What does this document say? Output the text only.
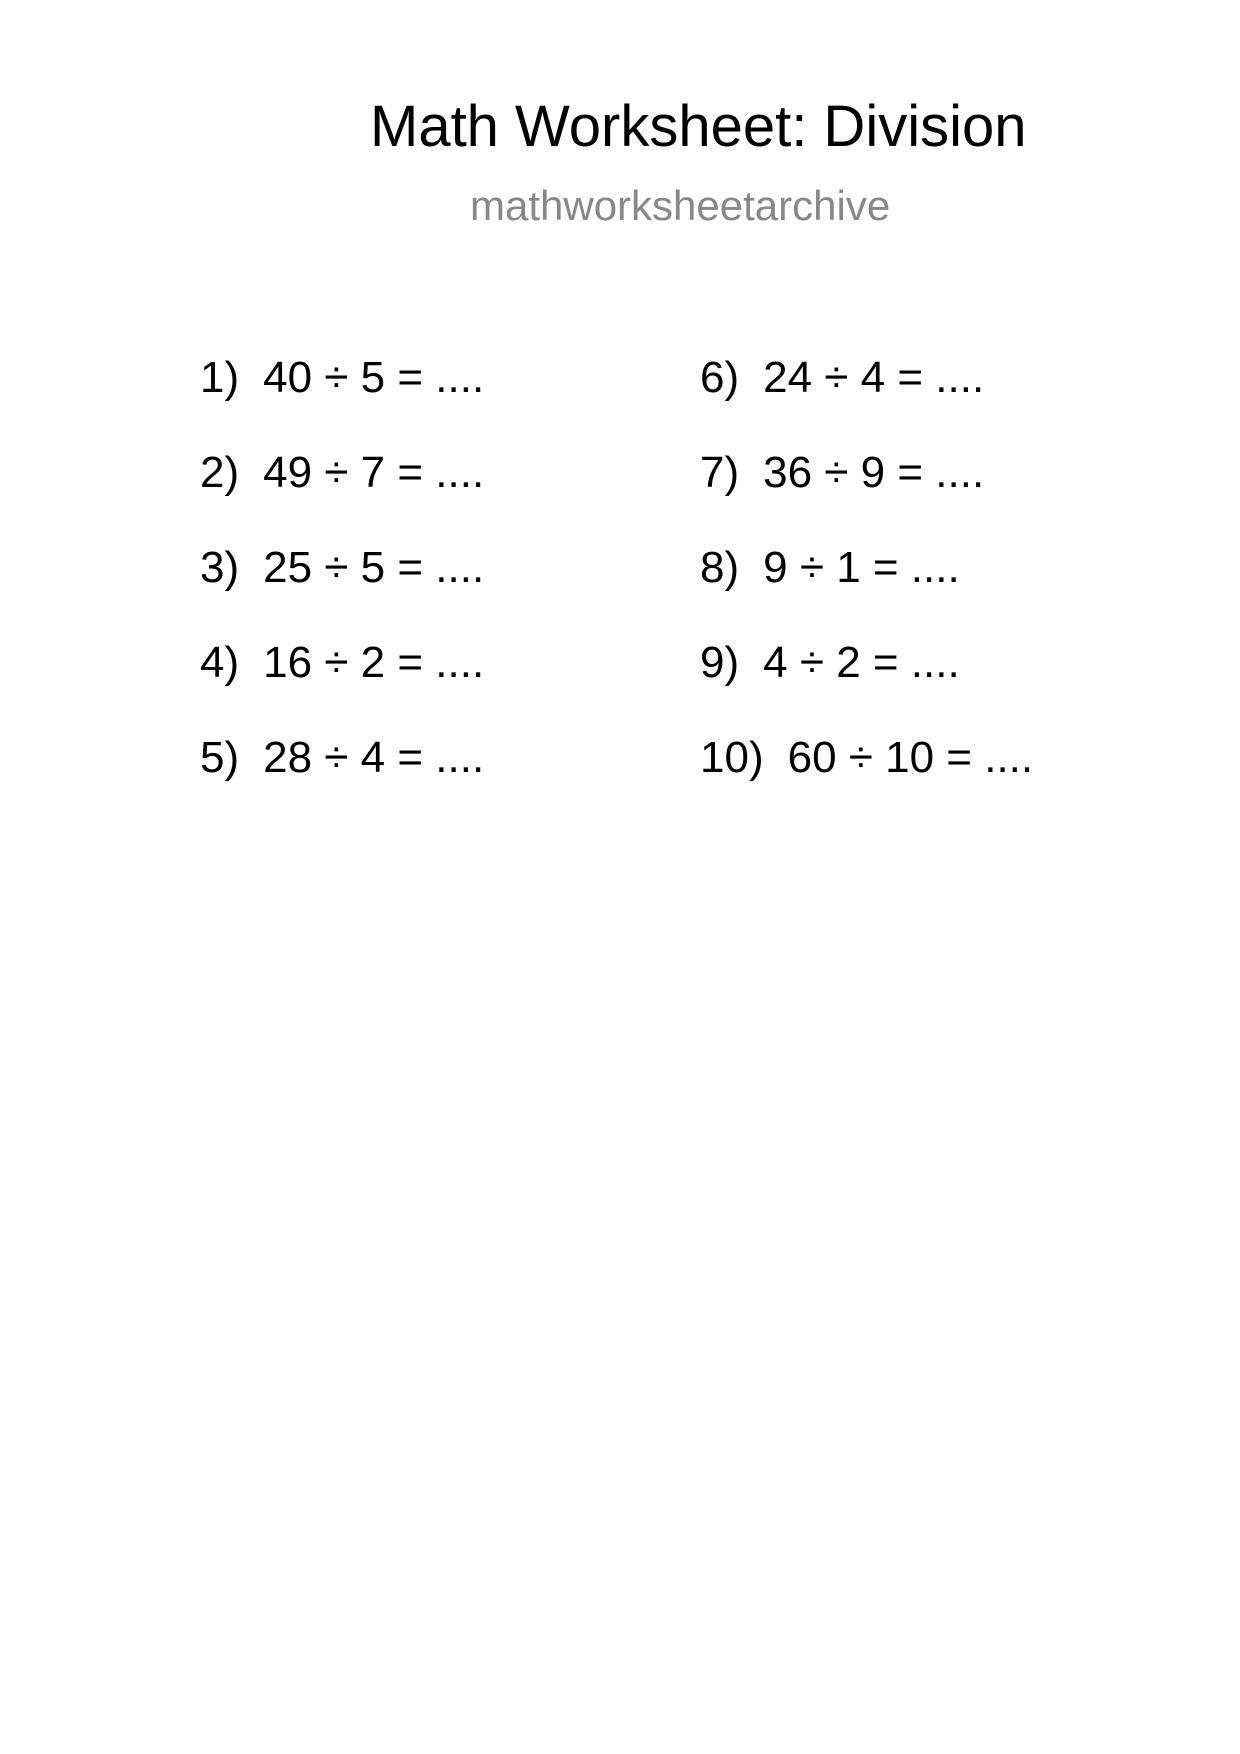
Math Worksheet: Division
mathworksheetarchive
1) 40 ÷ 5 = ....
2) 49 ÷ 7 = ....
3) 25 ÷ 5 = ....
4) 16 ÷ 2 = ....
5) 28 ÷ 4 = ....
6) 24 ÷ 4 = ....
7) 36 ÷ 9 = ....
8) 9 ÷ 1 = ....
9) 4 ÷ 2 = ....
10) 60 ÷ 10 = ....
